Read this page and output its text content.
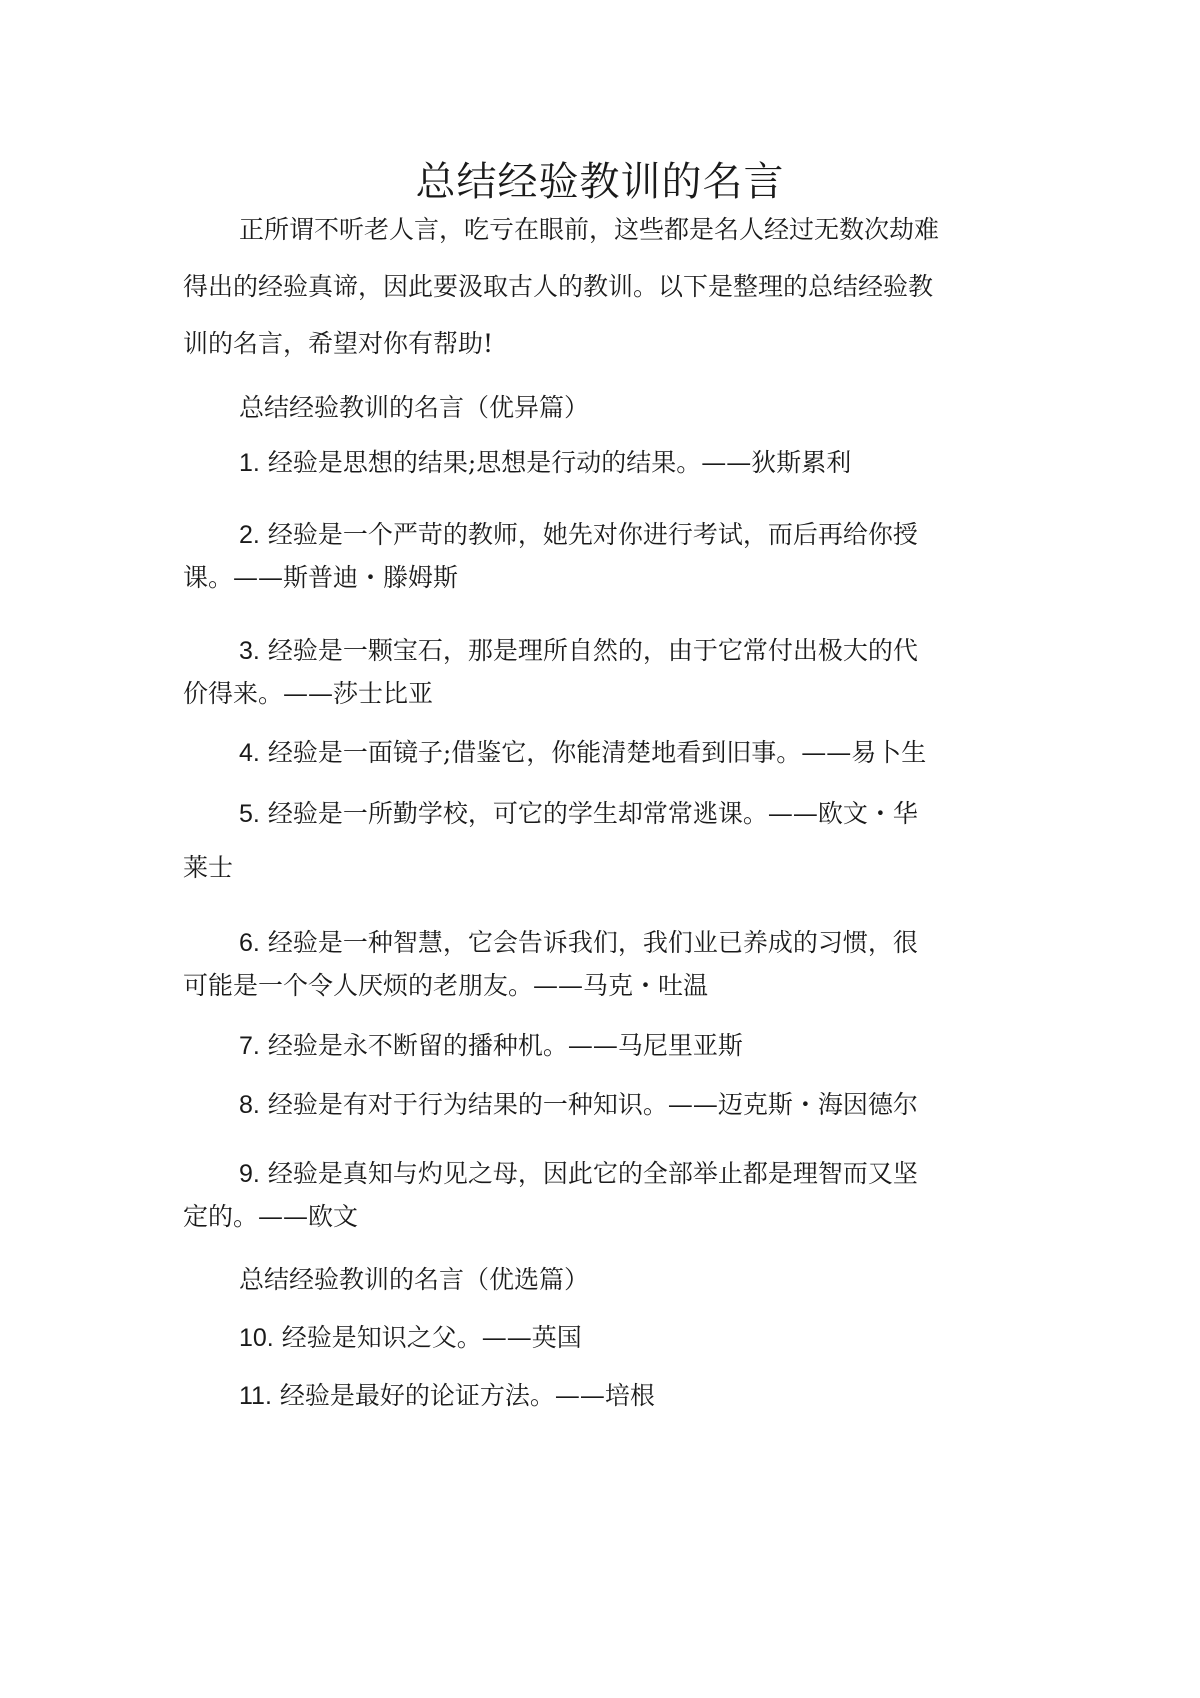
总结经验教训的名言

正所谓不听老人言，吃亏在眼前，这些都是名人经过无数次劫难

得出的经验真谛，因此要汲取古人的教训。以下是整理的总结经验教

训的名言，希望对你有帮助!

总结经验教训的名言（优异篇）

1. 经验是思想的结果;思想是行动的结果。——狄斯累利

2. 经验是一个严苛的教师，她先对你进行考试，而后再给你授

课。——斯普迪・滕姆斯

3. 经验是一颗宝石，那是理所自然的，由于它常付出极大的代

价得来。——莎士比亚

4. 经验是一面镜子;借鉴它，你能清楚地看到旧事。——易卜生

5. 经验是一所勤学校，可它的学生却常常逃课。——欧文・华

莱士

6. 经验是一种智慧，它会告诉我们，我们业已养成的习惯，很

可能是一个令人厌烦的老朋友。——马克・吐温

7. 经验是永不断留的播种机。——马尼里亚斯

8. 经验是有对于行为结果的一种知识。——迈克斯・海因德尔

9. 经验是真知与灼见之母，因此它的全部举止都是理智而又坚

定的。——欧文

总结经验教训的名言（优选篇）

10. 经验是知识之父。——英国

11. 经验是最好的论证方法。——培根
